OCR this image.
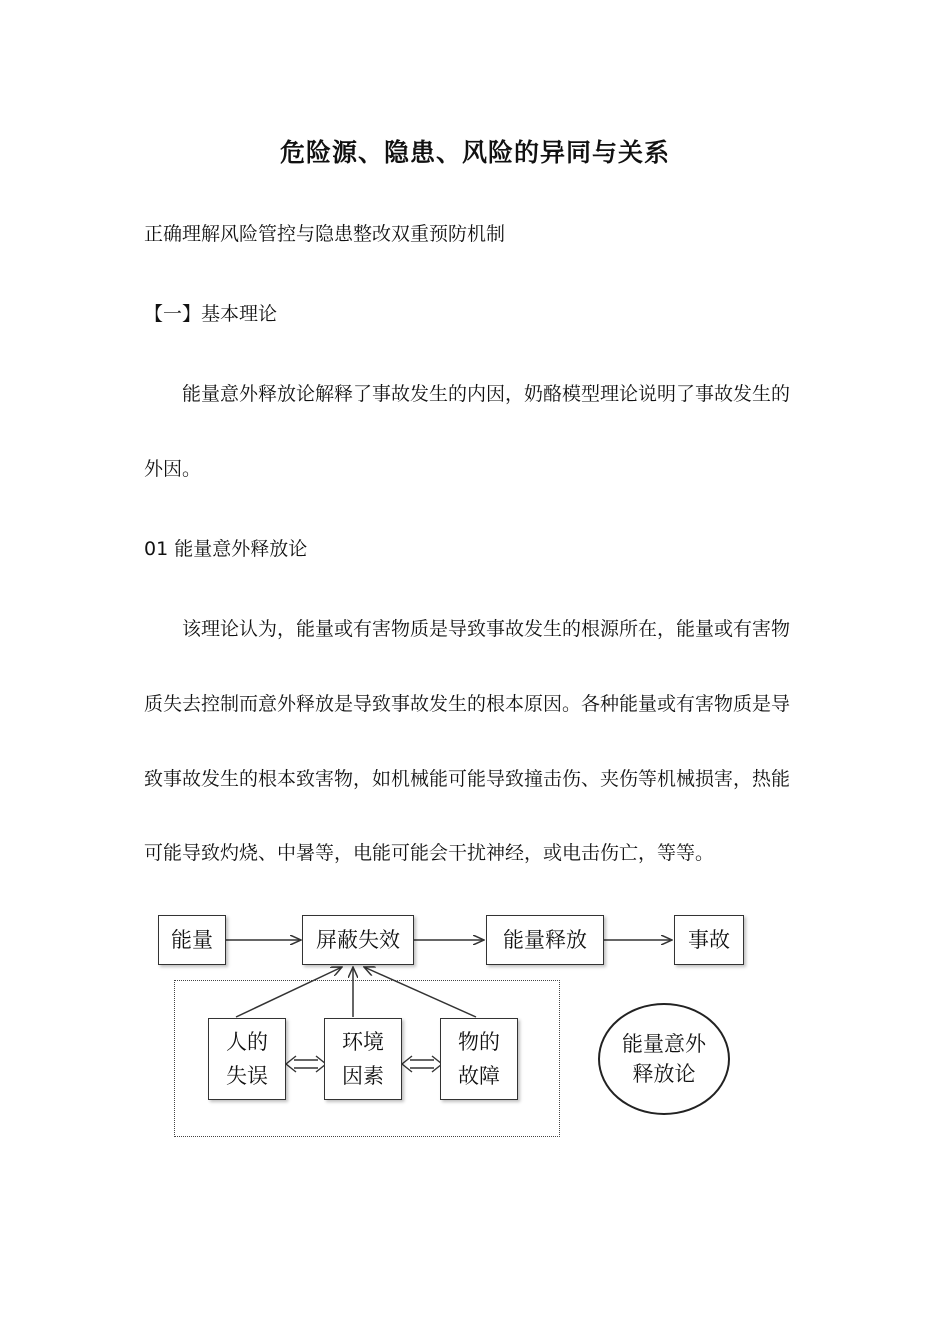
危险源、隐患、风险的异同与关系
正确理解风险管控与隐患整改双重预防机制
【一】基本理论
能量意外释放论解释了事故发生的内因，奶酪模型理论说明了事故发生的
外因。
01 能量意外释放论
该理论认为，能量或有害物质是导致事故发生的根源所在，能量或有害物
质失去控制而意外释放是导致事故发生的根本原因。各种能量或有害物质是导
致事故发生的根本致害物，如机械能可能导致撞击伤、夹伤等机械损害，热能
可能导致灼烧、中暑等，电能可能会干扰神经，或电击伤亡，等等。
能量	屏蔽失效	能量释放	事故
人的
失误
环境
因素
物的
故障
能量意外
释放论
